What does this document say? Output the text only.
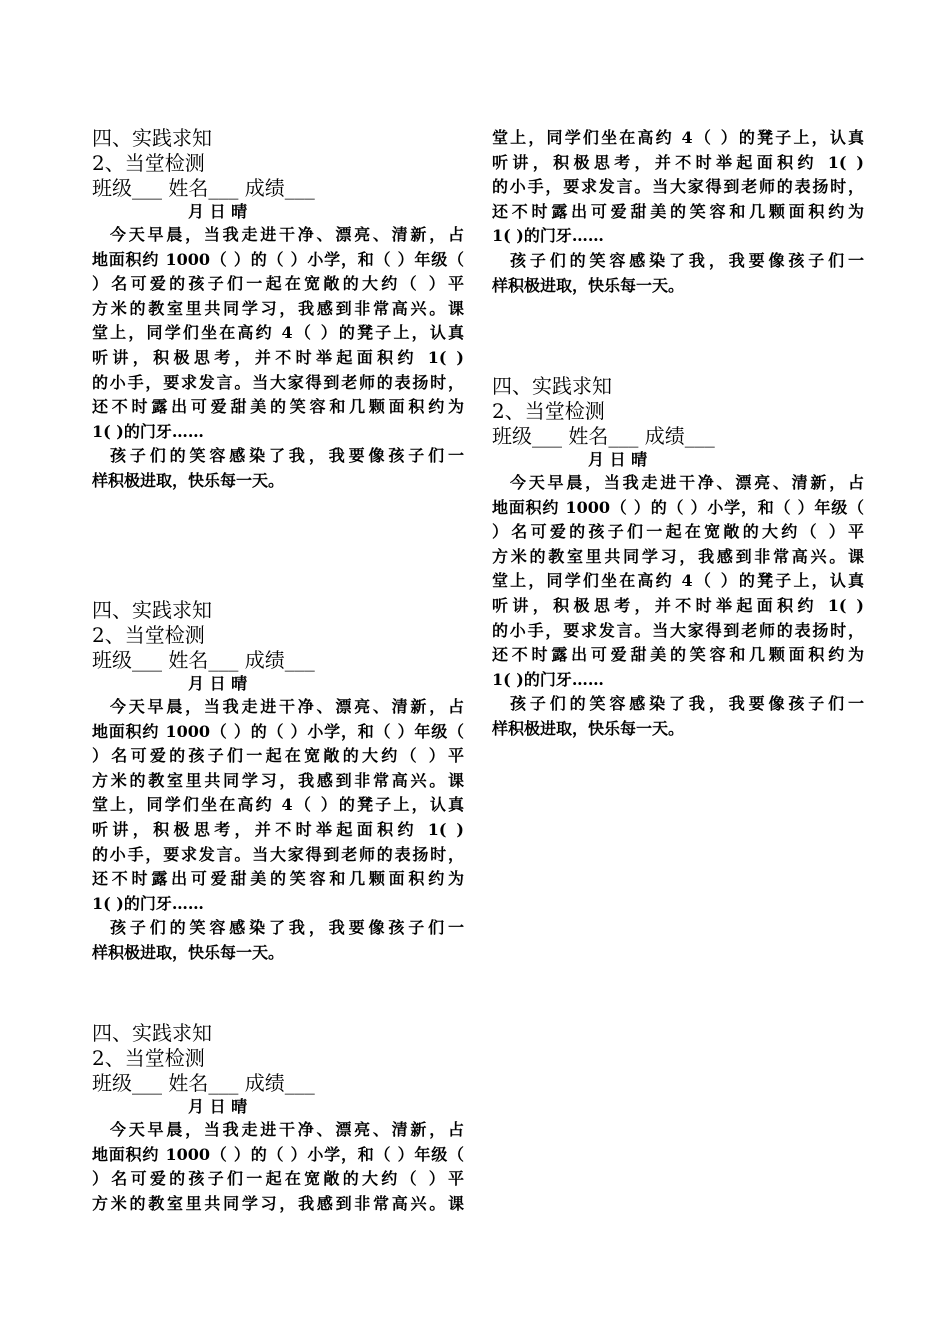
四、实践求知
2、当堂检测
班级___ 姓名___ 成绩___
月 日 晴
今天早晨，当我走进干净、漂亮、清新，占
地面积约 1000（ ）的（ ）小学，和（ ）年级（
）名可爱的孩子们一起在宽敞的大约（ ）平
方米的教室里共同学习，我感到非常高兴。课
堂上，同学们坐在高约 4（ ）的凳子上，认真
听讲，积极思考，并不时举起面积约 1( )
的小手，要求发言。当大家得到老师的表扬时，
还不时露出可爱甜美的笑容和几颗面积约为
1( )的门牙……
孩子们的笑容感染了我，我要像孩子们一
样积极进取，快乐每一天。
四、实践求知
2、当堂检测
班级___ 姓名___ 成绩___
月 日 晴
今天早晨，当我走进干净、漂亮、清新，占
地面积约 1000（ ）的（ ）小学，和（ ）年级（
）名可爱的孩子们一起在宽敞的大约（ ）平
方米的教室里共同学习，我感到非常高兴。课
堂上，同学们坐在高约 4（ ）的凳子上，认真
听讲，积极思考，并不时举起面积约 1( )
的小手，要求发言。当大家得到老师的表扬时，
还不时露出可爱甜美的笑容和几颗面积约为
1( )的门牙……
孩子们的笑容感染了我，我要像孩子们一
样积极进取，快乐每一天。
四、实践求知
2、当堂检测
班级___ 姓名___ 成绩___
月 日 晴
今天早晨，当我走进干净、漂亮、清新，占
地面积约 1000（ ）的（ ）小学，和（ ）年级（
）名可爱的孩子们一起在宽敞的大约（ ）平
方米的教室里共同学习，我感到非常高兴。课
堂上，同学们坐在高约 4（ ）的凳子上，认真
听讲，积极思考，并不时举起面积约 1( )
的小手，要求发言。当大家得到老师的表扬时，
还不时露出可爱甜美的笑容和几颗面积约为
1( )的门牙……
孩子们的笑容感染了我，我要像孩子们一
样积极进取，快乐每一天。
四、实践求知
2、当堂检测
班级___ 姓名___ 成绩___
月 日 晴
今天早晨，当我走进干净、漂亮、清新，占
地面积约 1000（ ）的（ ）小学，和（ ）年级（
）名可爱的孩子们一起在宽敞的大约（ ）平
方米的教室里共同学习，我感到非常高兴。课
堂上，同学们坐在高约 4（ ）的凳子上，认真
听讲，积极思考，并不时举起面积约 1( )
的小手，要求发言。当大家得到老师的表扬时，
还不时露出可爱甜美的笑容和几颗面积约为
1( )的门牙……
孩子们的笑容感染了我，我要像孩子们一
样积极进取，快乐每一天。
